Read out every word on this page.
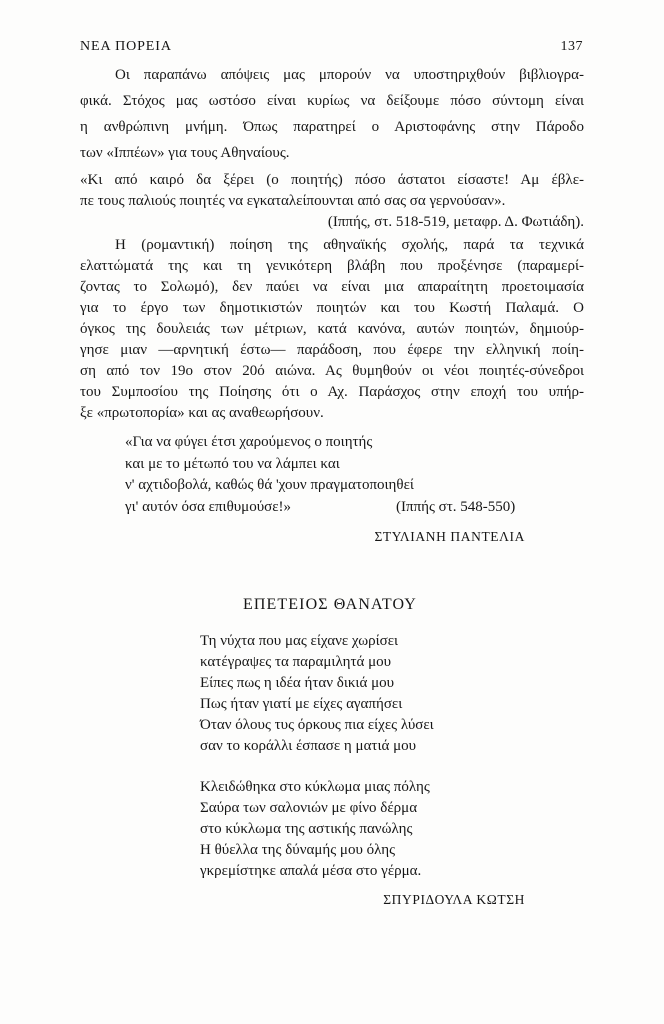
ΝΕΑ ΠΟΡΕΙΑ	137
Οι παραπάνω απόψεις μας μπορούν να υποστηριχθούν βιβλιογρα-
φικά. Στόχος μας ωστόσο είναι κυρίως να δείξουμε πόσο σύντομη είναι
η ανθρώπινη μνήμη. Όπως παρατηρεί ο Αριστοφάνης στην Πάροδο
των «Ιππέων» για τους Αθηναίους.
«Κι από καιρό δα ξέρει (ο ποιητής) πόσο άστατοι είσαστε! Αμ έβλε-
πε τους παλιούς ποιητές να εγκαταλείπουνται από σας σα γερνούσαν».
(Ιππής, στ. 518-519, μεταφρ. Δ. Φωτιάδη).
Η (ρομαντική) ποίηση της αθηναϊκής σχολής, παρά τα τεχνικά
ελαττώματά της και τη γενικότερη βλάβη που προξένησε (παραμερί-
ζοντας το Σολωμό), δεν παύει να είναι μια απαραίτητη προετοιμασία
για το έργο των δημοτικιστών ποιητών και του Κωστή Παλαμά. Ο
όγκος της δουλειάς των μέτριων, κατά κανόνα, αυτών ποιητών, δημιούρ-
γησε μιαν —αρνητική έστω— παράδοση, που έφερε την ελληνική ποίη-
ση από τον 19ο στον 20ό αιώνα. Ας θυμηθούν οι νέοι ποιητές-σύνεδροι
του Συμποσίου της Ποίησης ότι ο Αχ. Παράσχος στην εποχή του υπήρ-
ξε «πρωτοπορία» και ας αναθεωρήσουν.
«Για να φύγει έτσι χαρούμενος ο ποιητής
και με το μέτωπό του να λάμπει και
ν' αχτιδοβολά, καθώς θά 'χουν πραγματοποιηθεί
γι' αυτόν όσα επιθυμούσε!»	(Ιππής στ. 548-550)
ΣΤΥΛΙΑΝΗ ΠΑΝΤΕΛΙΑ
ΕΠΕΤΕΙΟΣ ΘΑΝΑΤΟΥ
Τη νύχτα που μας είχανε χωρίσει
κατέγραψες τα παραμιλητά μου
Είπες πως η ιδέα ήταν δικιά μου
Πως ήταν γιατί με είχες αγαπήσει
Όταν όλους τυς όρκους πια είχες λύσει
σαν το κοράλλι έσπασε η ματιά μου
Κλειδώθηκα στο κύκλωμα μιας πόλης
Σαύρα των σαλονιών με φίνο δέρμα
στο κύκλωμα της αστικής πανώλης
Η θύελλα της δύναμής μου όλης
γκρεμίστηκε απαλά μέσα στο γέρμα.
ΣΠΥΡΙΔΟΥΛΑ ΚΩΤΣΗ
